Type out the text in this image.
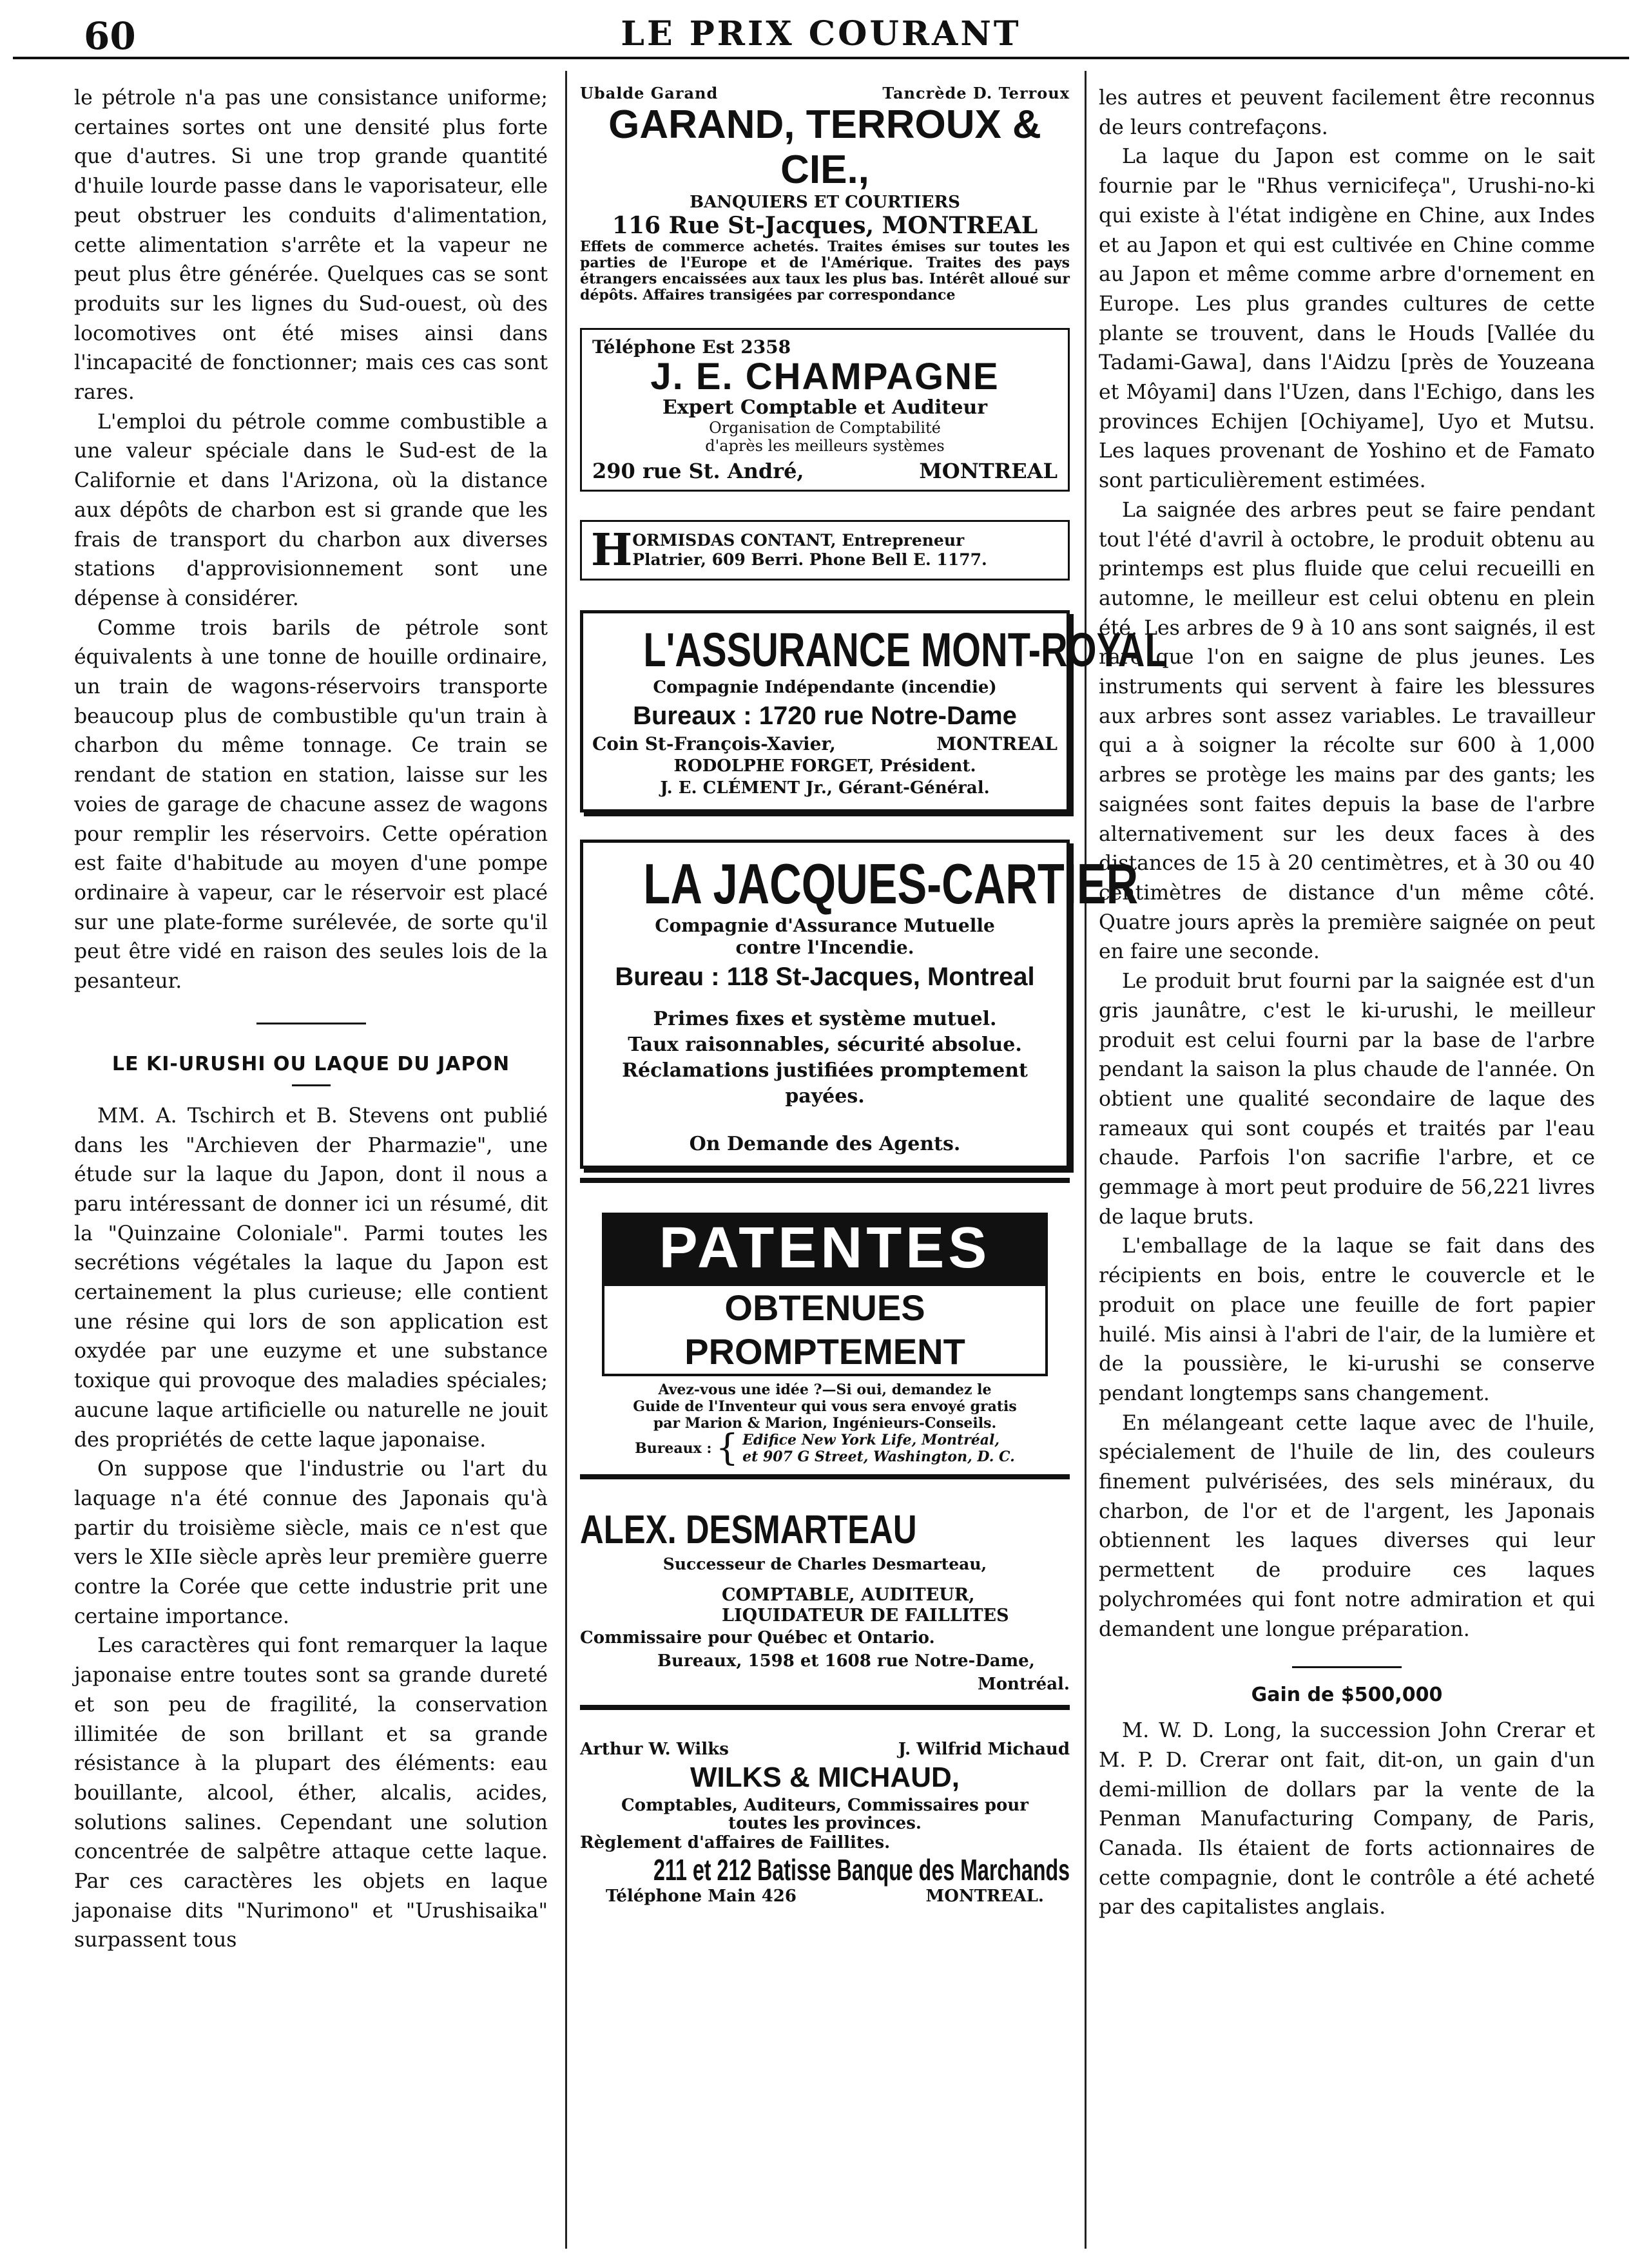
60	LE PRIX COURANT

le pétrole n'a pas une consistance uniforme; certaines sortes ont une densité plus forte que d'autres. Si une trop grande quantité d'huile lourde passe dans le vaporisateur, elle peut obstruer les conduits d'alimentation, cette alimentation s'arrête et la vapeur ne peut plus être générée. Quelques cas se sont produits sur les lignes du Sud-ouest, où des locomotives ont été mises ainsi dans l'incapacité de fonctionner; mais ces cas sont rares.

L'emploi du pétrole comme combustible a une valeur spéciale dans le Sud-est de la Californie et dans l'Arizona, où la distance aux dépôts de charbon est si grande que les frais de transport du charbon aux diverses stations d'approvisionnement sont une dépense à considérer.

Comme trois barils de pétrole sont équivalents à une tonne de houille ordinaire, un train de wagons-réservoirs transporte beaucoup plus de combustible qu'un train à charbon du même tonnage. Ce train se rendant de station en station, laisse sur les voies de garage de chacune assez de wagons pour remplir les réservoirs. Cette opération est faite d'habitude au moyen d'une pompe ordinaire à vapeur, car le réservoir est placé sur une plate-forme surélevée, de sorte qu'il peut être vidé en raison des seules lois de la pesanteur.

LE KI-URUSHI OU LAQUE DU JAPON

MM. A. Tschirch et B. Stevens ont publié dans les "Archieven der Pharmazie", une étude sur la laque du Japon, dont il nous a paru intéressant de donner ici un résumé, dit la "Quinzaine Coloniale". Parmi toutes les secrétions végétales la laque du Japon est certainement la plus curieuse; elle contient une résine qui lors de son application est oxydée par une euzyme et une substance toxique qui provoque des maladies spéciales; aucune laque artificielle ou naturelle ne jouit des propriétés de cette laque japonaise.

On suppose que l'industrie ou l'art du laquage n'a été connue des Japonais qu'à partir du troisième siècle, mais ce n'est que vers le XIIe siècle après leur première guerre contre la Corée que cette industrie prit une certaine importance.

Les caractères qui font remarquer la laque japonaise entre toutes sont sa grande dureté et son peu de fragilité, la conservation illimitée de son brillant et sa grande résistance à la plupart des éléments: eau bouillante, alcool, éther, alcalis, acides, solutions salines. Cependant une solution concentrée de salpêtre attaque cette laque. Par ces caractères les objets en laque japonaise dits "Nurimono" et "Urushisaika" surpassent tous

Ubalde Garand	Tancrède D. Terroux
GARAND, TERROUX & CIE.,
BANQUIERS ET COURTIERS
116 Rue St-Jacques, MONTREAL
Effets de commerce achetés. Traites émises sur toutes les parties de l'Europe et de l'Amérique. Traites des pays étrangers encaissées aux taux les plus bas. Intérêt alloué sur dépôts. Affaires transigées par correspondance
Téléphone Est 2358
J. E. CHAMPAGNE
Expert Comptable et Auditeur
Organisation de Comptabilité
d'après les meilleurs systèmes
290 rue St. André,	MONTREAL
H ORMISDAS CONTANT, Entrepreneur
Platrier, 609 Berri. Phone Bell E. 1177.
L'ASSURANCE MONT-ROYAL
Compagnie Indépendante (incendie)
Bureaux : 1720 rue Notre-Dame
Coin St-François-Xavier,	MONTREAL
RODOLPHE FORGET, Président.
J. E. CLÉMENT Jr., Gérant-Général.
LA JACQUES-CARTIER
Compagnie d'Assurance Mutuelle
contre l'Incendie.
Bureau : 118 St-Jacques, Montreal
Primes fixes et système mutuel.
Taux raisonnables, sécurité absolue.
Réclamations justifiées promptement payées.
On Demande des Agents.
PATENTES
OBTENUES PROMPTEMENT
Avez-vous une idée ?—Si oui, demandez le
Guide de l'Inventeur qui vous sera envoyé gratis
par Marion & Marion, Ingénieurs-Conseils.
Bureaux : { Edifice New York Life, Montréal,
et 907 G Street, Washington, D. C.
ALEX. DESMARTEAU
Successeur de Charles Desmarteau,
COMPTABLE, AUDITEUR,
LIQUIDATEUR DE FAILLITES
Commissaire pour Québec et Ontario.
Bureaux, 1598 et 1608 rue Notre-Dame,
Montréal.
Arthur W. Wilks	J. Wilfrid Michaud
WILKS & MICHAUD,
Comptables, Auditeurs, Commissaires pour
toutes les provinces.
Règlement d'affaires de Faillites.
211 et 212 Batisse Banque des Marchands
Téléphone Main 426	MONTREAL.

les autres et peuvent facilement être reconnus de leurs contrefaçons.

La laque du Japon est comme on le sait fournie par le "Rhus vernicifeça", Urushi-no-ki qui existe à l'état indigène en Chine, aux Indes et au Japon et qui est cultivée en Chine comme au Japon et même comme arbre d'ornement en Europe. Les plus grandes cultures de cette plante se trouvent, dans le Houds [Vallée du Tadami-Gawa], dans l'Aidzu [près de Youzeana et Môyami] dans l'Uzen, dans l'Echigo, dans les provinces Echijen [Ochiyame], Uyo et Mutsu. Les laques provenant de Yoshino et de Famato sont particulièrement estimées.

La saignée des arbres peut se faire pendant tout l'été d'avril à octobre, le produit obtenu au printemps est plus fluide que celui recueilli en automne, le meilleur est celui obtenu en plein été. Les arbres de 9 à 10 ans sont saignés, il est rare que l'on en saigne de plus jeunes. Les instruments qui servent à faire les blessures aux arbres sont assez variables. Le travailleur qui a à soigner la récolte sur 600 à 1,000 arbres se protège les mains par des gants; les saignées sont faites depuis la base de l'arbre alternativement sur les deux faces à des distances de 15 à 20 centimètres, et à 30 ou 40 centimètres de distance d'un même côté. Quatre jours après la première saignée on peut en faire une seconde.

Le produit brut fourni par la saignée est d'un gris jaunâtre, c'est le ki-urushi, le meilleur produit est celui fourni par la base de l'arbre pendant la saison la plus chaude de l'année. On obtient une qualité secondaire de laque des rameaux qui sont coupés et traités par l'eau chaude. Parfois l'on sacrifie l'arbre, et ce gemmage à mort peut produire de 56,221 livres de laque bruts.

L'emballage de la laque se fait dans des récipients en bois, entre le couvercle et le produit on place une feuille de fort papier huilé. Mis ainsi à l'abri de l'air, de la lumière et de la poussière, le ki-urushi se conserve pendant longtemps sans changement.

En mélangeant cette laque avec de l'huile, spécialement de l'huile de lin, des couleurs finement pulvérisées, des sels minéraux, du charbon, de l'or et de l'argent, les Japonais obtiennent les laques diverses qui leur permettent de produire ces laques polychromées qui font notre admiration et qui demandent une longue préparation.

Gain de $500,000

M. W. D. Long, la succession John Crerar et M. P. D. Crerar ont fait, dit-on, un gain d'un demi-million de dollars par la vente de la Penman Manufacturing Company, de Paris, Canada. Ils étaient de forts actionnaires de cette compagnie, dont le contrôle a été acheté par des capitalistes anglais.
